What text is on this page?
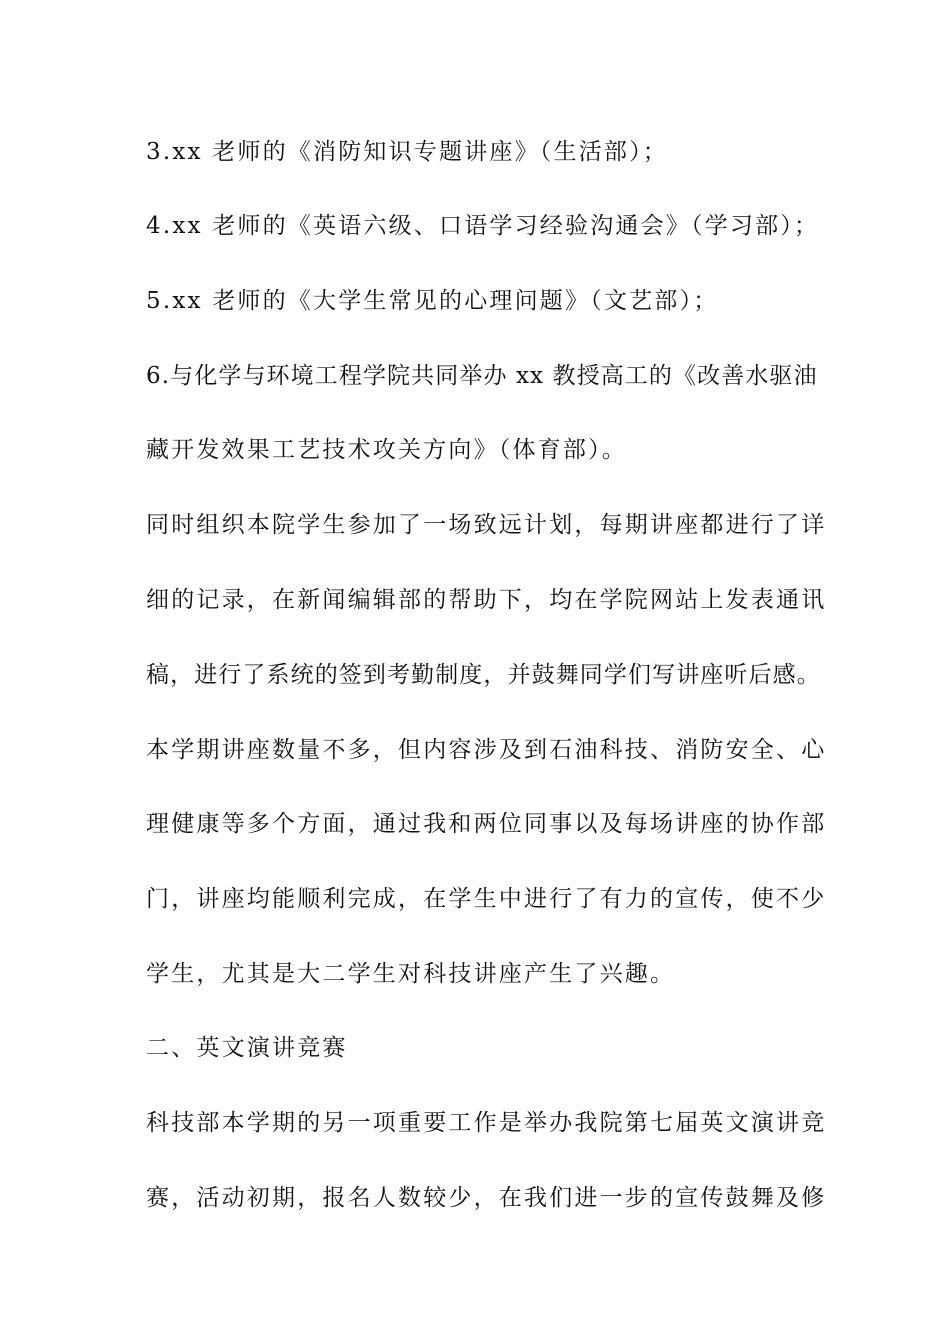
3.xx 老师的《消防知识专题讲座》（生活部）；

4.xx 老师的《英语六级、口语学习经验沟通会》（学习部）；

5.xx 老师的《大学生常见的心理问题》（文艺部）；

6.与化学与环境工程学院共同举办 xx 教授高工的《改善水驱油

藏开发效果工艺技术攻关方向》（体育部）。

同时组织本院学生参加了一场致远计划，每期讲座都进行了详

细的记录，在新闻编辑部的帮助下，均在学院网站上发表通讯

稿，进行了系统的签到考勤制度，并鼓舞同学们写讲座听后感。

本学期讲座数量不多，但内容涉及到石油科技、消防安全、心

理健康等多个方面，通过我和两位同事以及每场讲座的协作部

门，讲座均能顺利完成，在学生中进行了有力的宣传，使不少

学生，尤其是大二学生对科技讲座产生了兴趣。

二、英文演讲竞赛

科技部本学期的另一项重要工作是举办我院第七届英文演讲竞

赛，活动初期，报名人数较少，在我们进一步的宣传鼓舞及修
